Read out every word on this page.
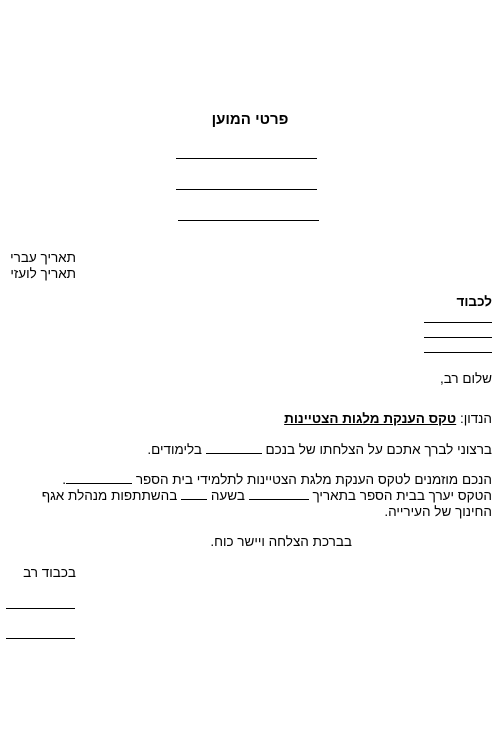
פרטי המוען
תאריך עברי
תאריך לועזי
לכבוד
שלום רב,
הנדון: טקס הענקת מלגות הצטיינות
ברצוני לברך אתכם על הצלחתו של בנכם  בלימודים.
הנכם מוזמנים לטקס הענקת מלגת הצטיינות לתלמידי בית הספר .
הטקס יערך בבית הספר בתאריך  בשעה  בהשתתפות מנהלת אגף
החינוך של העירייה.
בברכת הצלחה ויישר כוח.
בכבוד רב
